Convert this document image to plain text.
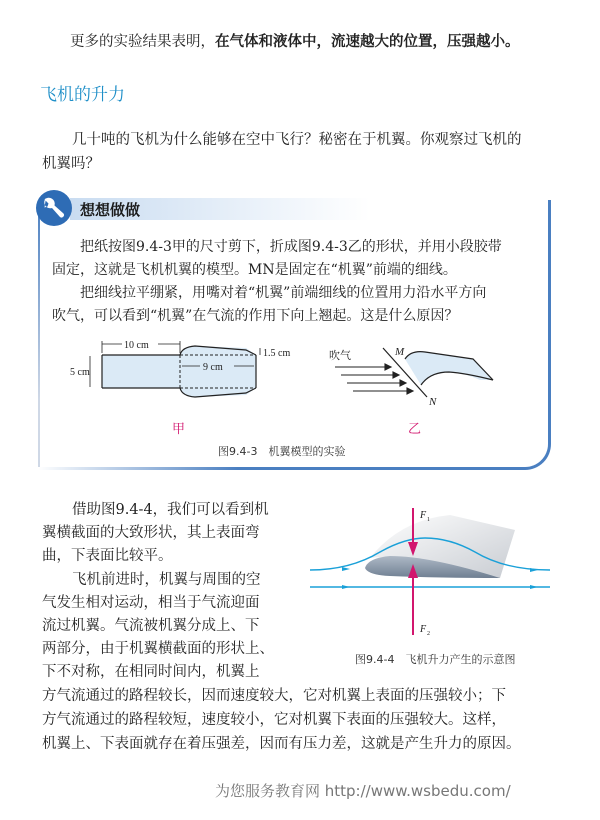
更多的实验结果表明，在气体和液体中，流速越大的位置，压强越小。
飞机的升力
几十吨的飞机为什么能够在空中飞行？秘密在于机翼。你观察过飞机的
机翼吗？
想想做做
把纸按图9.4-3甲的尺寸剪下，折成图9.4-3乙的形状，并用小段胶带
固定，这就是飞机机翼的模型。MN是固定在“机翼”前端的细线。
把细线拉平绷紧，用嘴对着“机翼”前端细线的位置用力沿水平方向
吹气，可以看到“机翼”在气流的作用下向上翘起。这是什么原因？
10 cm
9 cm
5 cm
1.5 cm
甲
吹气	M
N
乙
图9.4-3　机翼模型的实验
借助图9.4-4，我们可以看到机
翼横截面的大致形状，其上表面弯
曲，下表面比较平。
飞机前进时，机翼与周围的空
气发生相对运动，相当于气流迎面
流过机翼。气流被机翼分成上、下
两部分，由于机翼横截面的形状上、
下不对称，在相同时间内，机翼上
F 1
F 2
图9.4-4　飞机升力产生的示意图
方气流通过的路程较长，因而速度较大，它对机翼上表面的压强较小；下
方气流通过的路程较短，速度较小，它对机翼下表面的压强较大。这样，
机翼上、下表面就存在着压强差，因而有压力差，这就是产生升力的原因。
为您服务教育网 http://www.wsbedu.com/
